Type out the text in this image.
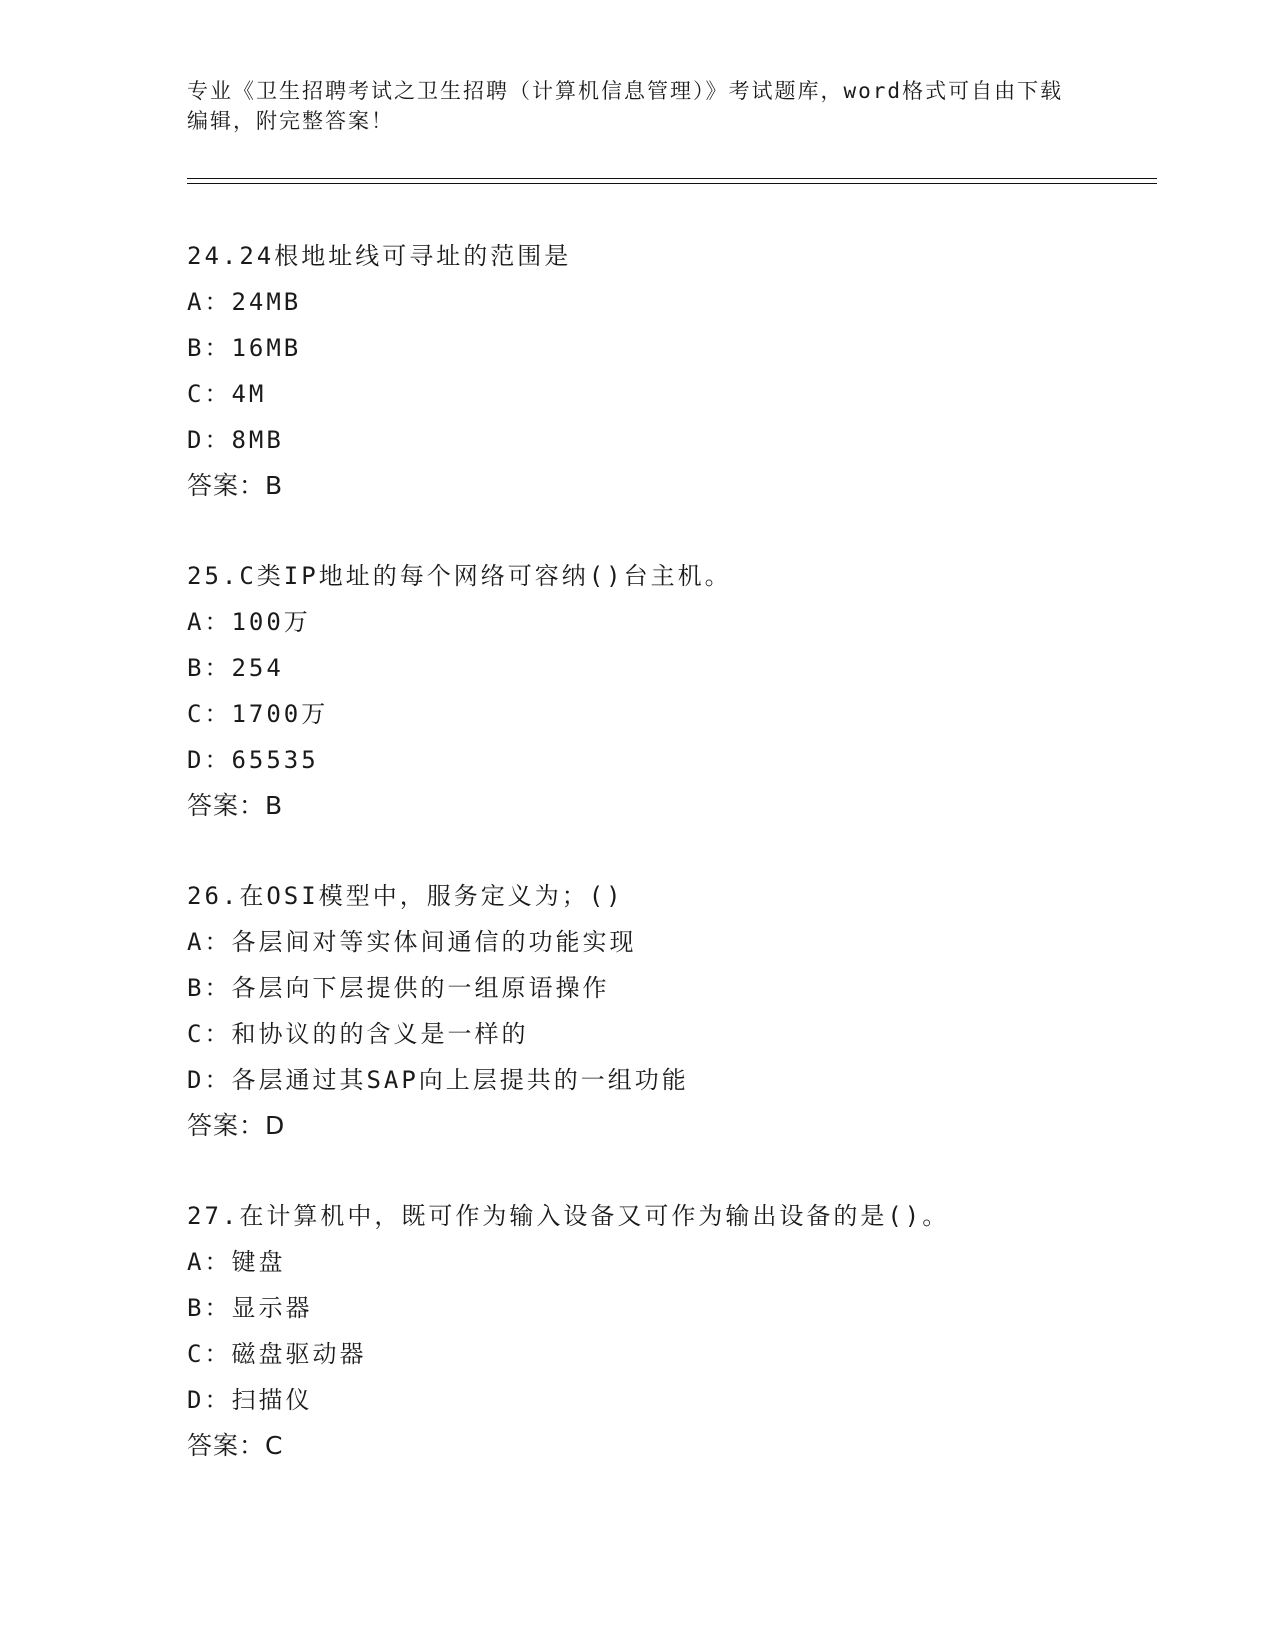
专业《卫生招聘考试之卫生招聘（计算机信息管理）》考试题库，word格式可自由下载编辑，附完整答案！
24.24根地址线可寻址的范围是
A：24MB
B：16MB
C：4M
D：8MB
答案：B
25.C类IP地址的每个网络可容纳()台主机。
A：100万
B：254
C：1700万
D：65535
答案：B
26.在OSI模型中，服务定义为；()
A：各层间对等实体间通信的功能实现
B：各层向下层提供的一组原语操作
C：和协议的的含义是一样的
D：各层通过其SAP向上层提共的一组功能
答案：D
27.在计算机中，既可作为输入设备又可作为输出设备的是()。
A：键盘
B：显示器
C：磁盘驱动器
D：扫描仪
答案：C
